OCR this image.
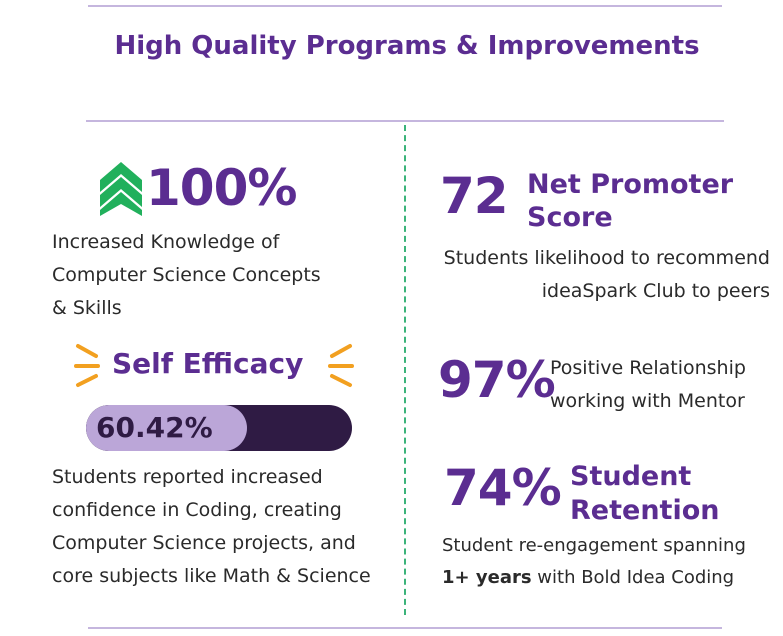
High Quality Programs & Improvements
100%
Increased Knowledge of
Computer Science Concepts
& Skills
Self Efficacy
60.42%
Students reported increased
confidence in Coding, creating
Computer Science projects, and
core subjects like Math & Science
72 Net Promoter
Score
Students likelihood to recommend
ideaSpark Club to peers
97%
Positive Relationship
working with Mentor
74% Student
Retention
Student re-engagement spanning
1+ years with Bold Idea Coding
